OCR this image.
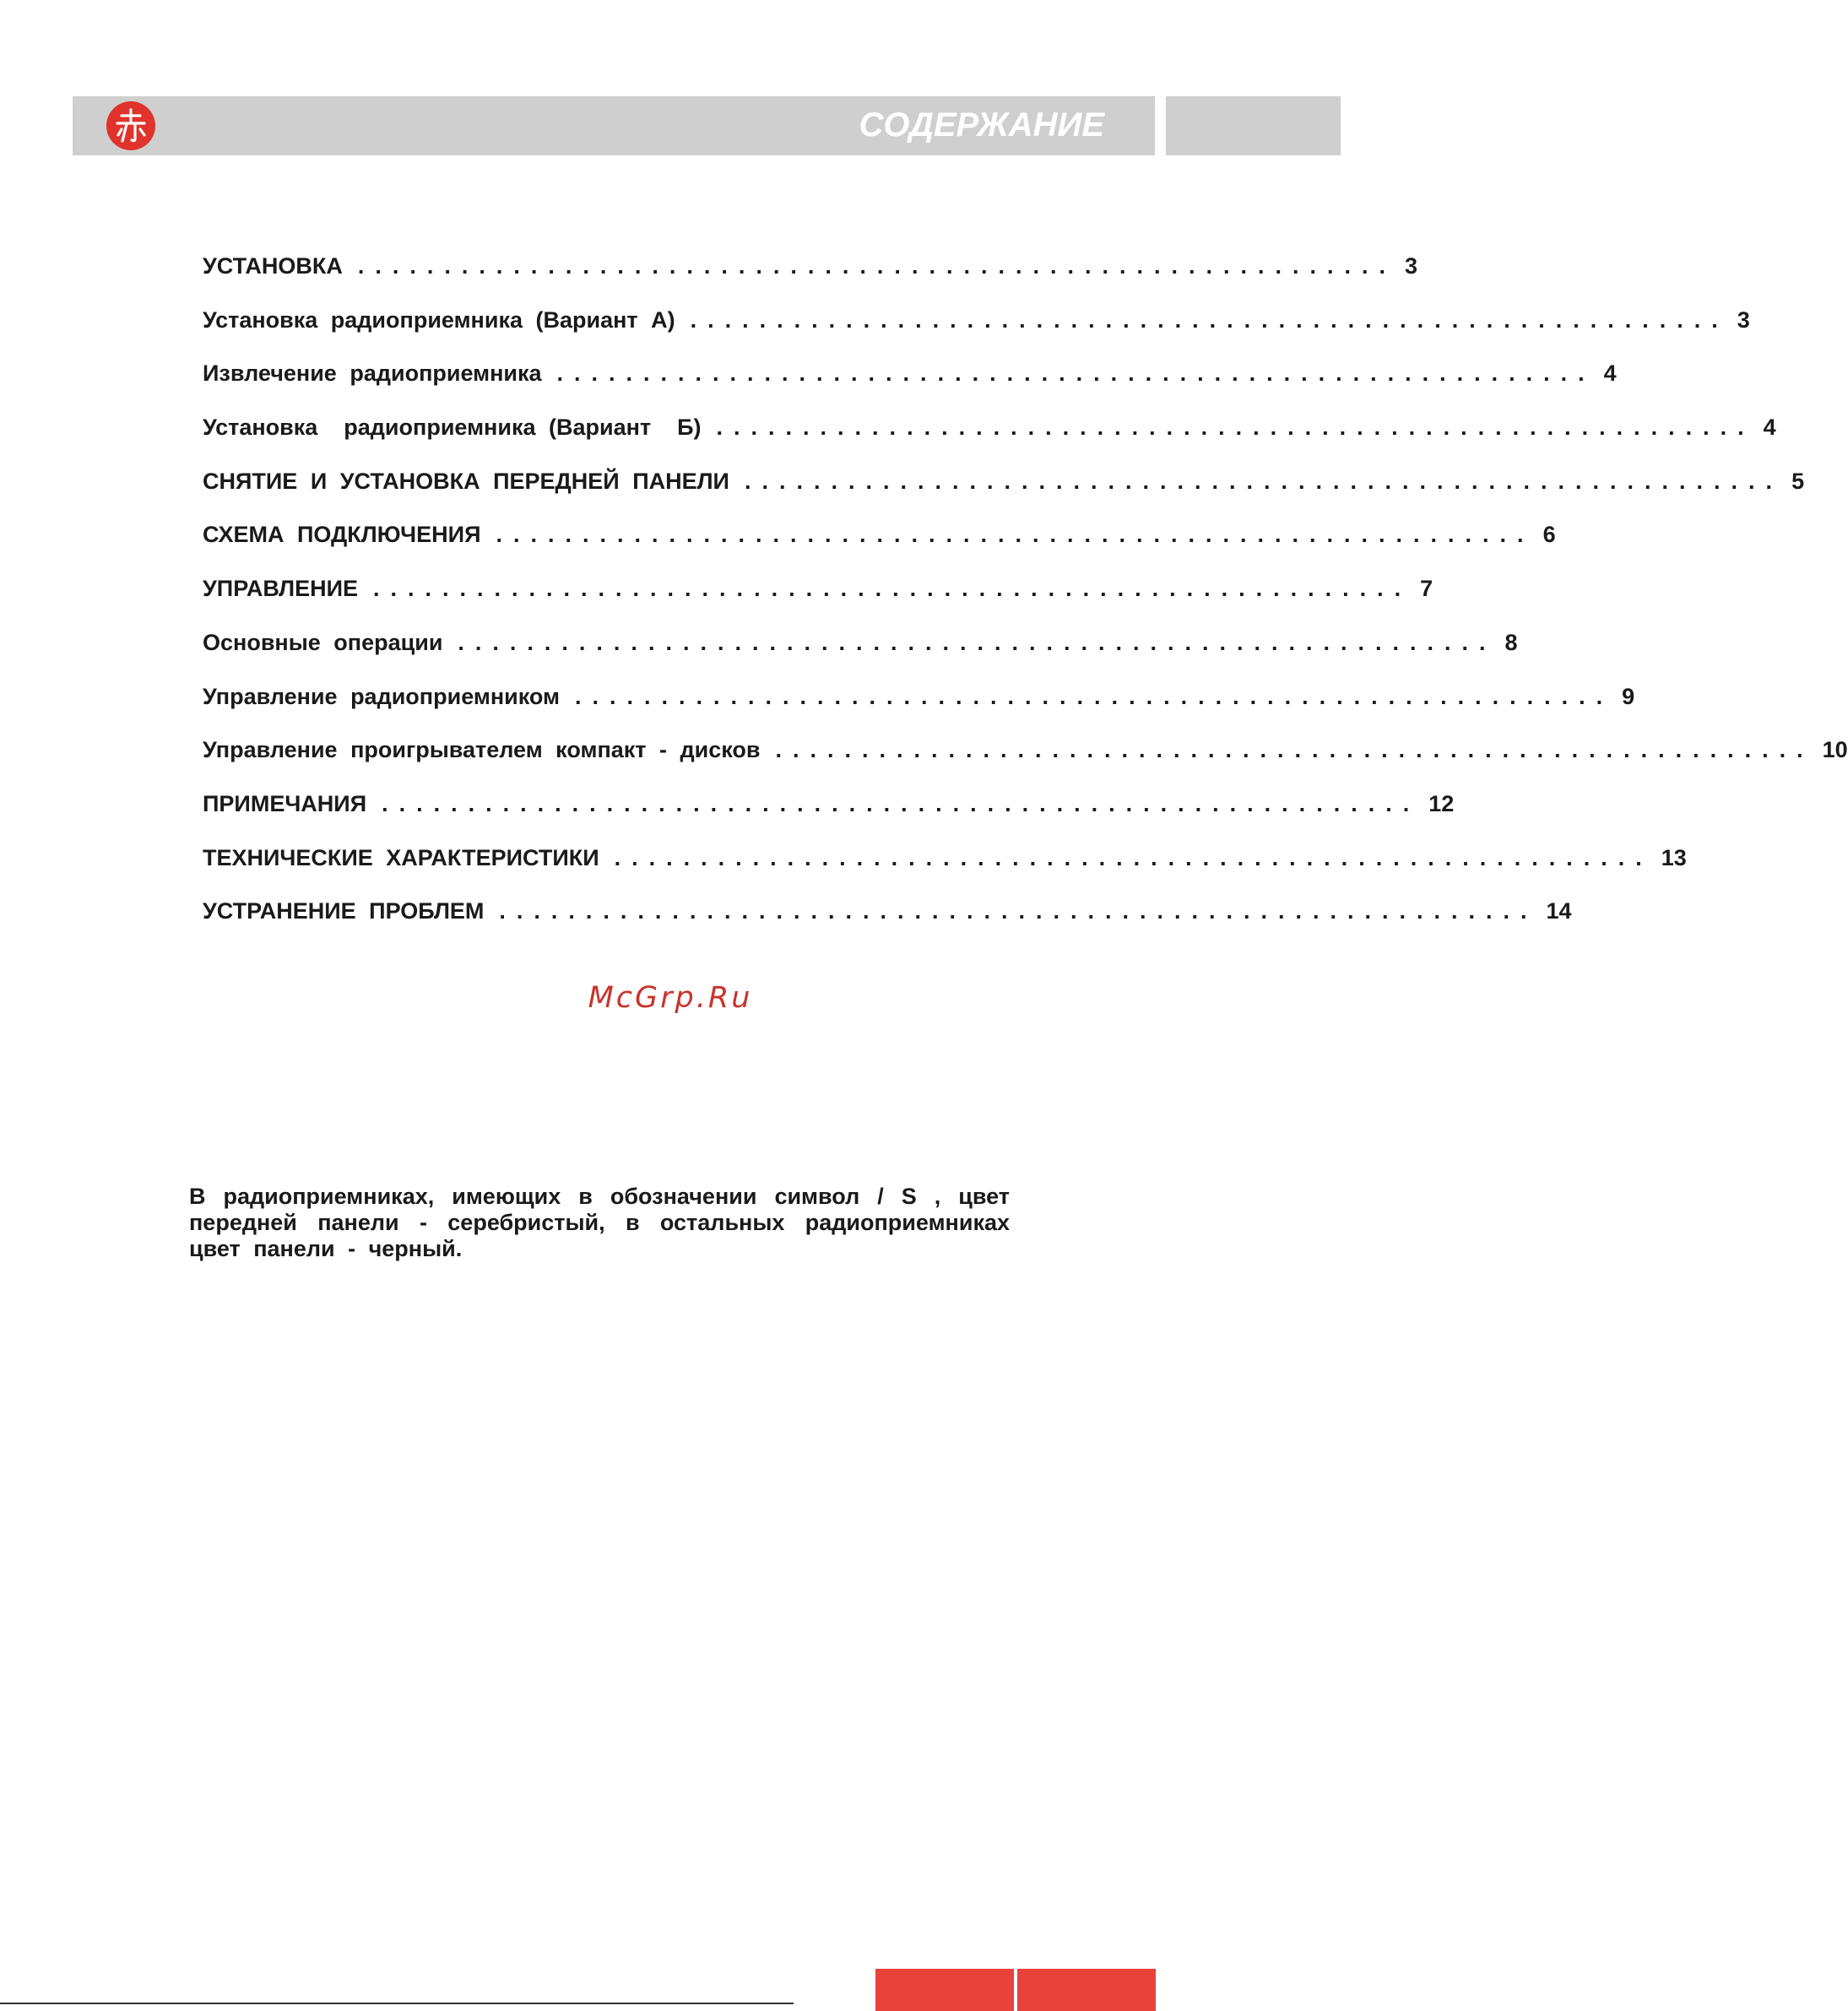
СОДЕРЖАНИЕ
УСТАНОВКА ............................................................ 3
Установка радиоприемника (Вариант А) ............................................................ 3
Извлечение радиоприемника ............................................................ 4
Установка  радиоприемника (Вариант  Б) ............................................................ 4
СНЯТИЕ И УСТАНОВКА ПЕРЕДНЕЙ ПАНЕЛИ ............................................................ 5
СХЕМА ПОДКЛЮЧЕНИЯ ............................................................ 6
УПРАВЛЕНИЕ ............................................................ 7
Основные операции ............................................................ 8
Управление радиоприемником ............................................................ 9
Управление проигрывателем компакт - дисков ............................................................ 10
ПРИМЕЧАНИЯ ............................................................ 12
ТЕХНИЧЕСКИЕ ХАРАКТЕРИСТИКИ ............................................................ 13
УСТРАНЕНИЕ ПРОБЛЕМ ............................................................ 14
McGrp.Ru
В радиоприемниках, имеющих в обозначении символ / S , цвет передней панели - серебристый, в остальных радиоприемниках цвет панели - черный.
